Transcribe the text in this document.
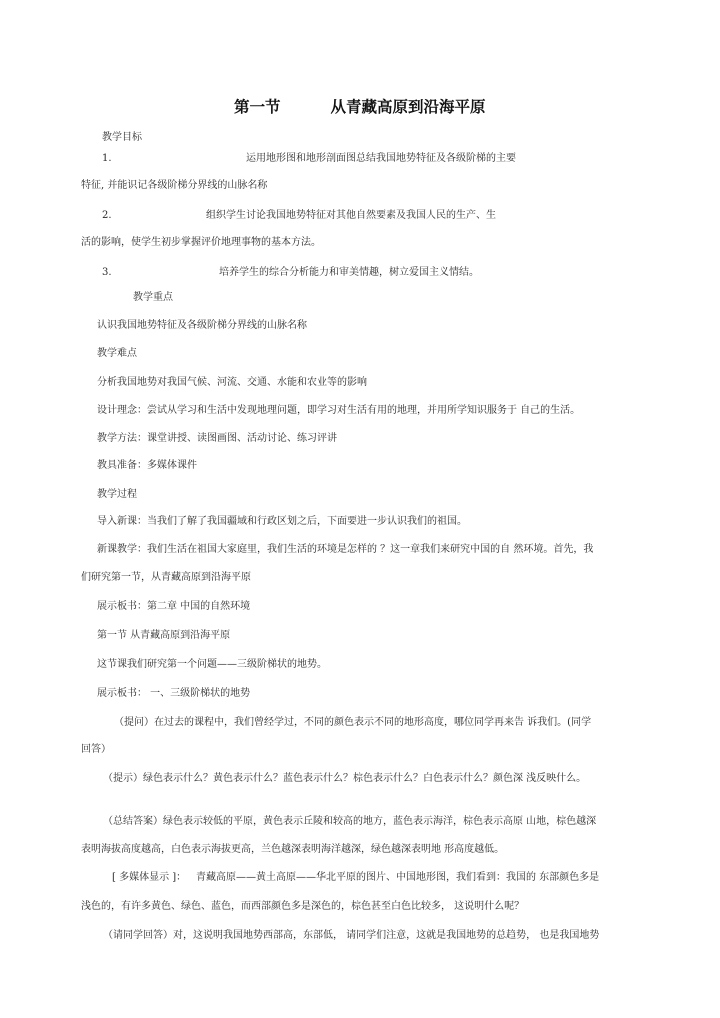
第一节	从青藏高原到沿海平原
教学目标
1.	运用地形图和地形剖面图总结我国地势特征及各级阶梯的主要
特征, 并能识记各级阶梯分界线的山脉名称
2.	组织学生讨论我国地势特征对其他自然要素及我国人民的生产、生
活的影响，使学生初步掌握评价地理事物的基本方法。
3.	培养学生的综合分析能力和审美情趣，树立爱国主义情结。
教学重点
认识我国地势特征及各级阶梯分界线的山脉名称
教学难点
分析我国地势对我国气候、河流、交通、水能和农业等的影响
设计理念：尝试从学习和生活中发现地理问题，即学习对生活有用的地理，并用所学知识服务于 自己的生活。
教学方法：课堂讲授、读图画图、活动讨论、练习评讲
教具准备：多媒体课件
教学过程
导入新课：当我们了解了我国疆域和行政区划之后，下面要进一步认识我们的祖国。
新课教学：我们生活在祖国大家庭里，我们生活的环境是怎样的 ？这一章我们来研究中国的自 然环境。首先，我
们研究第一节，从青藏高原到沿海平原
展示板书：第二章 中国的自然环境
第一节 从青藏高原到沿海平原
这节课我们研究第一个问题——三级阶梯状的地势。
展示板书： 一、三级阶梯状的地势
（提问）在过去的课程中，我们曾经学过，不同的颜色表示不同的地形高度，哪位同学再来告 诉我们。(同学
回答）
（提示）绿色表示什么？黄色表示什么？蓝色表示什么？棕色表示什么？白色表示什么？颜色深 浅反映什么。
（总结答案）绿色表示较低的平原，黄色表示丘陵和较高的地方，蓝色表示海洋，棕色表示高原 山地，棕色越深
表明海拔高度越高，白色表示海拔更高，兰色越深表明海洋越深，绿色越深表明地 形高度越低。
[ 多媒体显示 ]： 青藏高原——黄土高原——华北平原的图片、中国地形图，我们看到：我国的 东部颜色多是
浅色的，有许多黄色、绿色、蓝色，而西部颜色多是深色的，棕色甚至白色比较多， 这说明什么呢？
（请同学回答）对，这说明我国地势西部高，东部低， 请同学们注意，这就是我国地势的总趋势， 也是我国地势
